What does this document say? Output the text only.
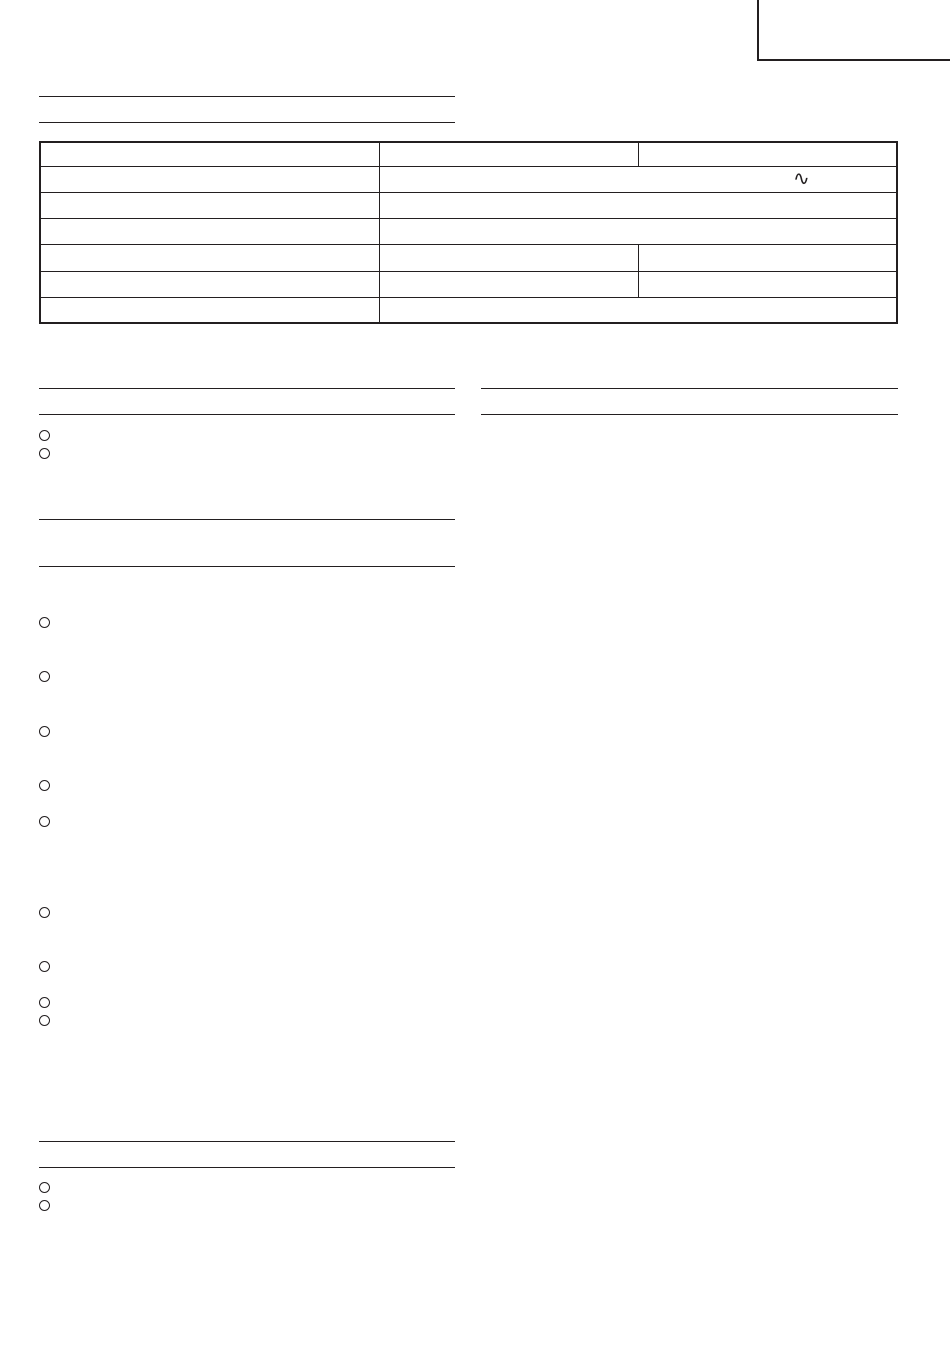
∿
